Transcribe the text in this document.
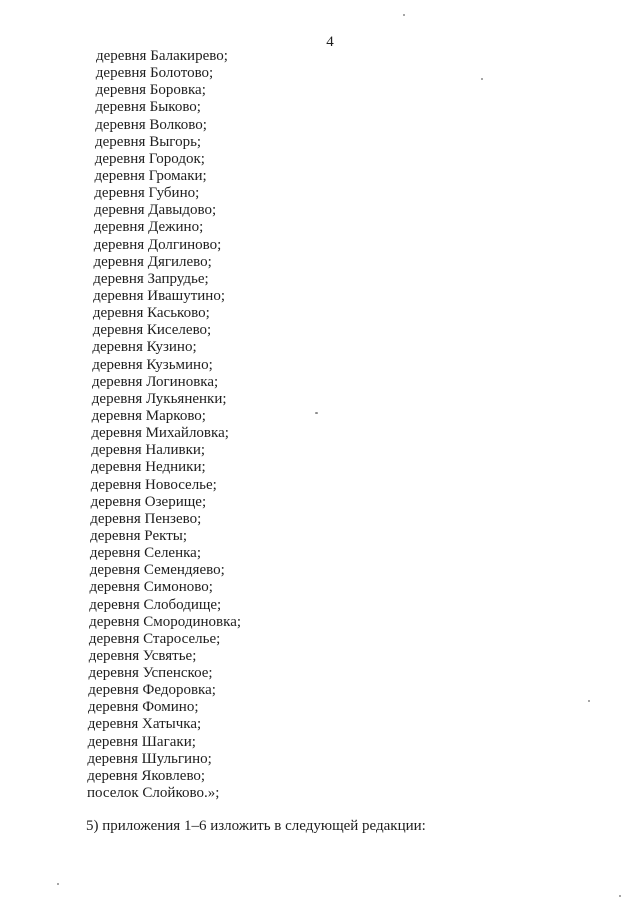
4
деревня Балакирево;
деревня Болотово;
деревня Боровка;
деревня Быково;
деревня Волково;
деревня Выгорь;
деревня Городок;
деревня Громаки;
деревня Губино;
деревня Давыдово;
деревня Дежино;
деревня Долгиново;
деревня Дягилево;
деревня Запрудье;
деревня Ивашутино;
деревня Каськово;
деревня Киселево;
деревня Кузино;
деревня Кузьмино;
деревня Логиновка;
деревня Лукьяненки;
деревня Марково;
деревня Михайловка;
деревня Наливки;
деревня Недники;
деревня Новоселье;
деревня Озерище;
деревня Пензево;
деревня Ректы;
деревня Селенка;
деревня Семендяево;
деревня Симоново;
деревня Слободище;
деревня Смородиновка;
деревня Староселье;
деревня Усвятье;
деревня Успенское;
деревня Федоровка;
деревня Фомино;
деревня Хатычка;
деревня Шагаки;
деревня Шульгино;
деревня Яковлево;
поселок Слойково.»;
5) приложения 1–6 изложить в следующей редакции:
